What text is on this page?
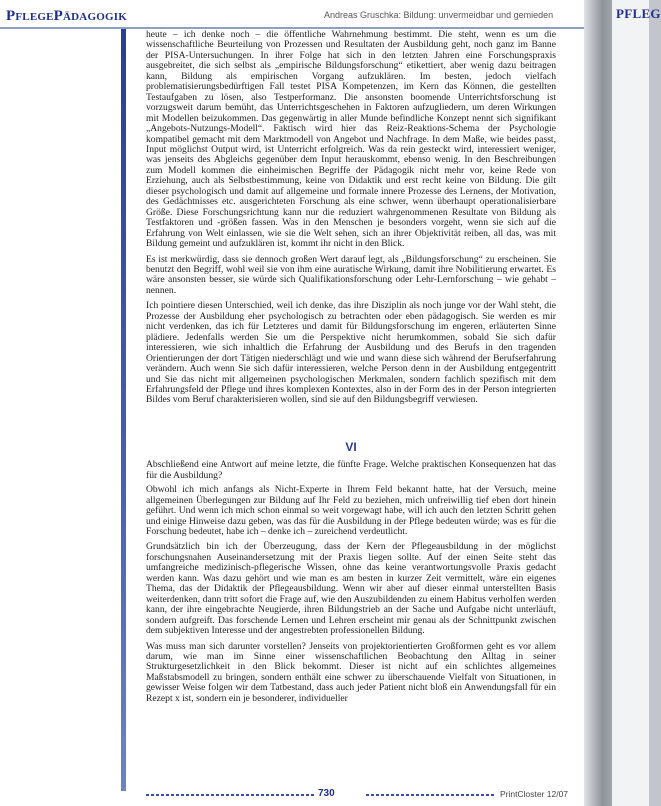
PflegePädagogik	Andreas Gruschka: Bildung: unvermeidbar und gemieden

heute – ich denke noch – die öffentliche Wahrnehmung bestimmt. Die steht, wenn es um die wissenschaftliche Beurteilung von Prozessen und Resultaten der Ausbildung geht, noch ganz im Banne der PISA-Untersuchungen. In ihrer Folge hat sich in den letzten Jahren eine Forschungspraxis ausgebreitet, die sich selbst als „empirische Bildungsforschung“ etikettiert, aber wenig dazu beitragen kann, Bildung als empirischen Vorgang aufzuklären. Im besten, jedoch vielfach problematisierungsbedürftigen Fall testet PISA Kompetenzen, im Kern das Können, die gestellten Testaufgaben zu lösen, also Testperformanz. Die ansonsten boomende Unterrichtsforschung ist vorzugsweit darum bemüht, das Unterrichtsgeschehen in Faktoren aufzugliedern, um deren Wirkungen mit Modellen beizukommen. Das gegenwärtig in aller Munde befindliche Konzept nennt sich signifikant „Angebots-Nutzungs-Modell“. Faktisch wird hier das Reiz-Reaktions-Schema der Psychologie kompatibel gemacht mit dem Marktmodell von Angebot und Nachfrage. In dem Maße, wie beides passt, Input möglichst Output wird, ist Unterricht erfolgreich. Was da rein gesteckt wird, interessiert weniger, was jenseits des Abgleichs gegenüber dem Input herauskommt, ebenso wenig. In den Beschreibungen zum Modell kommen die einheimischen Begriffe der Pädagogik nicht mehr vor, keine Rede von Erziehung, auch als Selbstbestimmung, keine von Didaktik und erst recht keine von Bildung. Die gilt dieser psychologisch und damit auf allgemeine und formale innere Prozesse des Lernens, der Motivation, des Gedächtnisses etc. ausgerichteten Forschung als eine schwer, wenn überhaupt operationalisierbare Größe. Diese Forschungsrichtung kann nur die reduziert wahrgenommenen Resultate von Bildung als Testfaktoren und -größen fassen. Was in den Menschen je besonders vorgeht, wenn sie sich auf die Erfahrung von Welt einlassen, wie sie die Welt sehen, sich an ihrer Objektivität reiben, all das, was mit Bildung gemeint und aufzuklären ist, kommt ihr nicht in den Blick.

Es ist merkwürdig, dass sie dennoch großen Wert darauf legt, als „Bildungsforschung“ zu erscheinen. Sie benutzt den Begriff, wohl weil sie von ihm eine auratische Wirkung, damit ihre Nobilitierung erwartet. Es wäre ansonsten besser, sie würde sich Qualifikationsforschung oder Lehr-Lernforschung – wie gehabt – nennen.

Ich pointiere diesen Unterschied, weil ich denke, das ihre Disziplin als noch junge vor der Wahl steht, die Prozesse der Ausbildung eher psychologisch zu betrachten oder eben pädagogisch. Sie werden es mir nicht verdenken, das ich für Letzteres und damit für Bildungsforschung im engeren, erläuterten Sinne plädiere. Jedenfalls werden Sie um die Perspektive nicht herumkommen, sobald Sie sich dafür interessieren, wie sich inhaltlich die Erfahrung der Ausbildung und des Berufs in den tragenden Orientierungen der dort Tätigen niederschlägt und wie und wann diese sich während der Berufserfahrung verändern. Auch wenn Sie sich dafür interessieren, welche Person denn in der Ausbildung entgegentritt und Sie das nicht mit allgemeinen psychologischen Merkmalen, sondern fachlich spezifisch mit dem Erfahrungsfeld der Pflege und ihres komplexen Kontextes, also in der Form des in der Person integrierten Bildes vom Beruf charakterisieren wollen, sind sie auf den Bildungsbegriff verwiesen.

VI

Abschließend eine Antwort auf meine letzte, die fünfte Frage. Welche praktischen Konsequenzen hat das für die Ausbildung?

Obwohl ich mich anfangs als Nicht-Experte in Ihrem Feld bekannt hatte, hat der Versuch, meine allgemeinen Überlegungen zur Bildung auf Ihr Feld zu beziehen, mich unfreiwillig tief eben dort hinein geführt. Und wenn ich mich schon einmal so weit vorgewagt habe, will ich auch den letzten Schritt gehen und einige Hinweise dazu geben, was das für die Ausbildung in der Pflege bedeuten würde; was es für die Forschung bedeutet, habe ich – denke ich – zureichend verdeutlicht.

Grundsätzlich bin ich der Überzeugung, dass der Kern der Pflegeausbildung in der möglichst forschungsnahen Auseinandersetzung mit der Praxis liegen sollte. Auf der einen Seite steht das umfangreiche medizinisch-pflegerische Wissen, ohne das keine verantwortungsvolle Praxis gedacht werden kann. Was dazu gehört und wie man es am besten in kurzer Zeit vermittelt, wäre ein eigenes Thema, das der Didaktik der Pflegeausbildung. Wenn wir aber auf dieser einmal unterstellten Basis weiterdenken, dann tritt sofort die Frage auf, wie den Auszubildenden zu einem Habitus verholfen werden kann, der ihre eingebrachte Neugierde, ihren Bildungstrieb an der Sache und Aufgabe nicht unterläuft, sondern aufgreift. Das forschende Lernen und Lehren erscheint mir genau als der Schnittpunkt zwischen dem subjektiven Interesse und der angestrebten professionellen Bildung.

Was muss man sich darunter vorstellen? Jenseits von projektorientierten Großformen geht es vor allem darum, wie man im Sinne einer wissenschaftlichen Beobachtung den Alltag in seiner Strukturgesetzlichkeit in den Blick bekommt. Dieser ist nicht auf ein schlichtes allgemeines Maßstabsmodell zu bringen, sondern enthält eine schwer zu überschauende Vielfalt von Situationen, in gewisser Weise folgen wir dem Tatbestand, dass auch jeder Patient nicht bloß ein Anwendungsfall für ein Rezept x ist, sondern ein je besonderer, individueller

730	PrintCloster 12/07
PFLEG
